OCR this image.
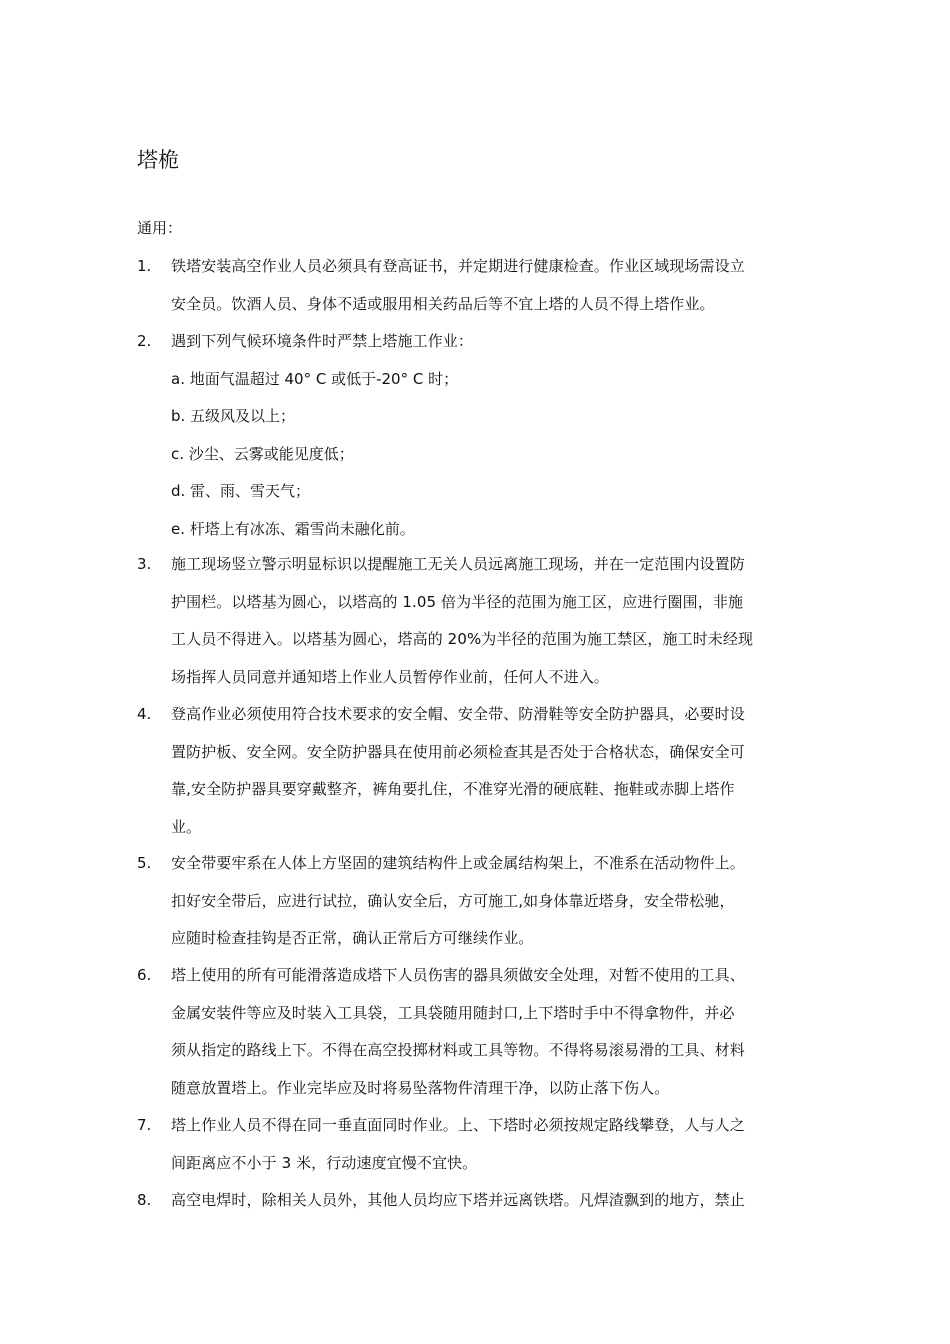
塔桅
通用：
1. 铁塔安装高空作业人员必须具有登高证书，并定期进行健康检查。作业区域现场需设立
安全员。饮酒人员、身体不适或服用相关药品后等不宜上塔的人员不得上塔作业。
2. 遇到下列气候环境条件时严禁上塔施工作业：
a. 地面气温超过 40° C 或低于-20° C 时；
b. 五级风及以上；
c. 沙尘、云雾或能见度低；
d. 雷、雨、雪天气；
e. 杆塔上有冰冻、霜雪尚未融化前。
3. 施工现场竖立警示明显标识以提醒施工无关人员远离施工现场，并在一定范围内设置防
护围栏。以塔基为圆心，以塔高的 1.05 倍为半径的范围为施工区，应进行圈围，非施
工人员不得进入。以塔基为圆心，塔高的 20%为半径的范围为施工禁区，施工时未经现
场指挥人员同意并通知塔上作业人员暂停作业前，任何人不进入。
4. 登高作业必须使用符合技术要求的安全帽、安全带、防滑鞋等安全防护器具，必要时设
置防护板、安全网。安全防护器具在使用前必须检查其是否处于合格状态，确保安全可
靠,安全防护器具要穿戴整齐，裤角要扎住，不准穿光滑的硬底鞋、拖鞋或赤脚上塔作
业。
5. 安全带要牢系在人体上方坚固的建筑结构件上或金属结构架上，不准系在活动物件上。
扣好安全带后，应进行试拉，确认安全后，方可施工,如身体靠近塔身，安全带松驰，
应随时检查挂钩是否正常，确认正常后方可继续作业。
6. 塔上使用的所有可能滑落造成塔下人员伤害的器具须做安全处理，对暂不使用的工具、
金属安装件等应及时装入工具袋，工具袋随用随封口,上下塔时手中不得拿物件，并必
须从指定的路线上下。不得在高空投掷材料或工具等物。不得将易滚易滑的工具、材料
随意放置塔上。作业完毕应及时将易坠落物件清理干净，以防止落下伤人。
7. 塔上作业人员不得在同一垂直面同时作业。上、下塔时必须按规定路线攀登，人与人之
间距离应不小于 3 米，行动速度宜慢不宜快。
8. 高空电焊时，除相关人员外，其他人员均应下塔并远离铁塔。凡焊渣飘到的地方，禁止
